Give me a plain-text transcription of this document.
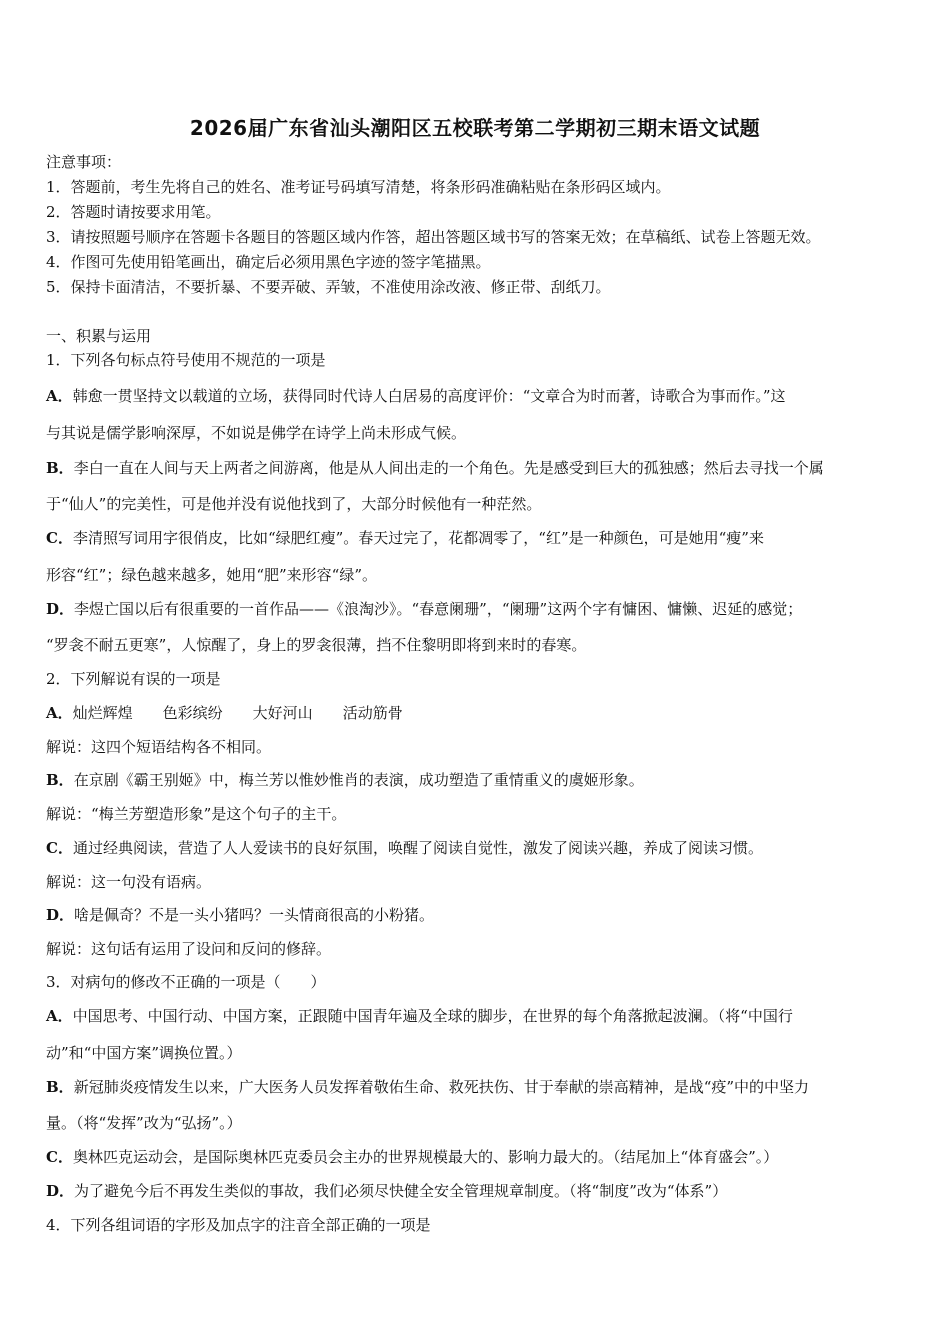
2026届广东省汕头潮阳区五校联考第二学期初三期末语文试题
注意事项：
1．答题前，考生先将自己的姓名、准考证号码填写清楚，将条形码准确粘贴在条形码区域内。
2．答题时请按要求用笔。
3．请按照题号顺序在答题卡各题目的答题区域内作答，超出答题区域书写的答案无效；在草稿纸、试卷上答题无效。
4．作图可先使用铅笔画出，确定后必须用黑色字迹的签字笔描黑。
5．保持卡面清洁，不要折暴、不要弄破、弄皱，不准使用涂改液、修正带、刮纸刀。
一、积累与运用
1．下列各句标点符号使用不规范的一项是
A．韩愈一贯坚持文以载道的立场，获得同时代诗人白居易的高度评价：“文章合为时而著，诗歌合为事而作。”这
与其说是儒学影响深厚，不如说是佛学在诗学上尚未形成气候。
B．李白一直在人间与天上两者之间游离，他是从人间出走的一个角色。先是感受到巨大的孤独感；然后去寻找一个属
于“仙人”的完美性，可是他并没有说他找到了，大部分时候他有一种茫然。
C．李清照写词用字很俏皮，比如“绿肥红瘦”。春天过完了，花都凋零了，“红”是一种颜色，可是她用“瘦”来
形容“红”；绿色越来越多，她用“肥”来形容“绿”。
D．李煜亡国以后有很重要的一首作品——《浪淘沙》。“春意阑珊”，“阑珊”这两个字有慵困、慵懒、迟延的感觉；
“罗衾不耐五更寒”，人惊醒了，身上的罗衾很薄，挡不住黎明即将到来时的春寒。
2．下列解说有误的一项是
A．灿烂辉煌 色彩缤纷 大好河山 活动筋骨
解说：这四个短语结构各不相同。
B．在京剧《霸王别姬》中，梅兰芳以惟妙惟肖的表演，成功塑造了重情重义的虞姬形象。
解说：“梅兰芳塑造形象”是这个句子的主干。
C．通过经典阅读，营造了人人爱读书的良好氛围，唤醒了阅读自觉性，激发了阅读兴趣，养成了阅读习惯。
解说：这一句没有语病。
D．啥是佩奇？不是一头小猪吗？一头情商很高的小粉猪。
解说：这句话有运用了设问和反问的修辞。
3．对病句的修改不正确的一项是（　　）
A．中国思考、中国行动、中国方案，正跟随中国青年遍及全球的脚步，在世界的每个角落掀起波澜。（将“中国行
动”和“中国方案”调换位置。）
B．新冠肺炎疫情发生以来，广大医务人员发挥着敬佑生命、救死扶伤、甘于奉献的崇高精神，是战“疫”中的中坚力
量。（将“发挥”改为“弘扬”。）
C．奥林匹克运动会，是国际奥林匹克委员会主办的世界规模最大的、影响力最大的。（结尾加上“体育盛会”。）
D．为了避免今后不再发生类似的事故，我们必须尽快健全安全管理规章制度。（将“制度”改为“体系”）
4．下列各组词语的字形及加点字的注音全部正确的一项是
